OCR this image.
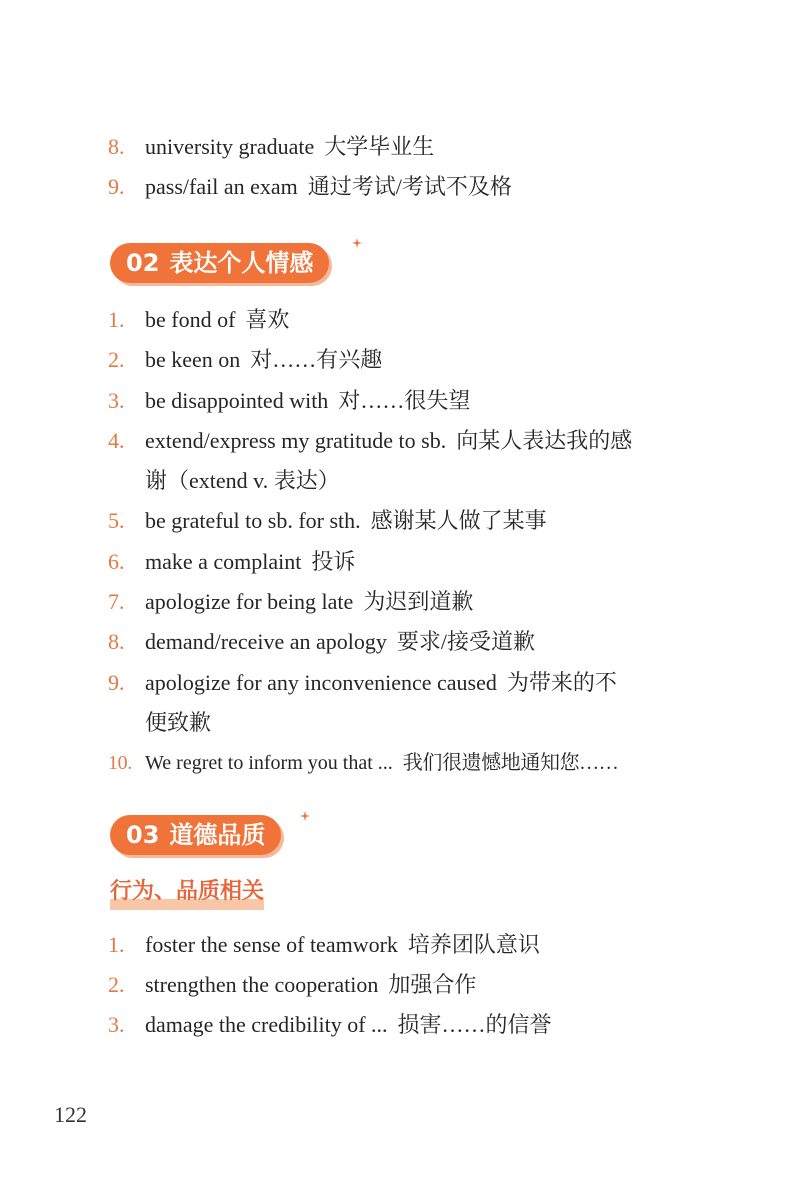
8. university graduate 大学毕业生
9. pass/fail an exam 通过考试/考试不及格
02 表达个人情感
1. be fond of 喜欢
2. be keen on 对……有兴趣
3. be disappointed with 对……很失望
4. extend/express my gratitude to sb. 向某人表达我的感
谢（extend v. 表达）
5. be grateful to sb. for sth. 感谢某人做了某事
6. make a complaint 投诉
7. apologize for being late 为迟到道歉
8. demand/receive an apology 要求/接受道歉
9. apologize for any inconvenience caused 为带来的不
便致歉
10. We regret to inform you that ... 我们很遗憾地通知您……
03 道德品质
行为、品质相关
1. foster the sense of teamwork 培养团队意识
2. strengthen the cooperation 加强合作
3. damage the credibility of ... 损害……的信誉
122
